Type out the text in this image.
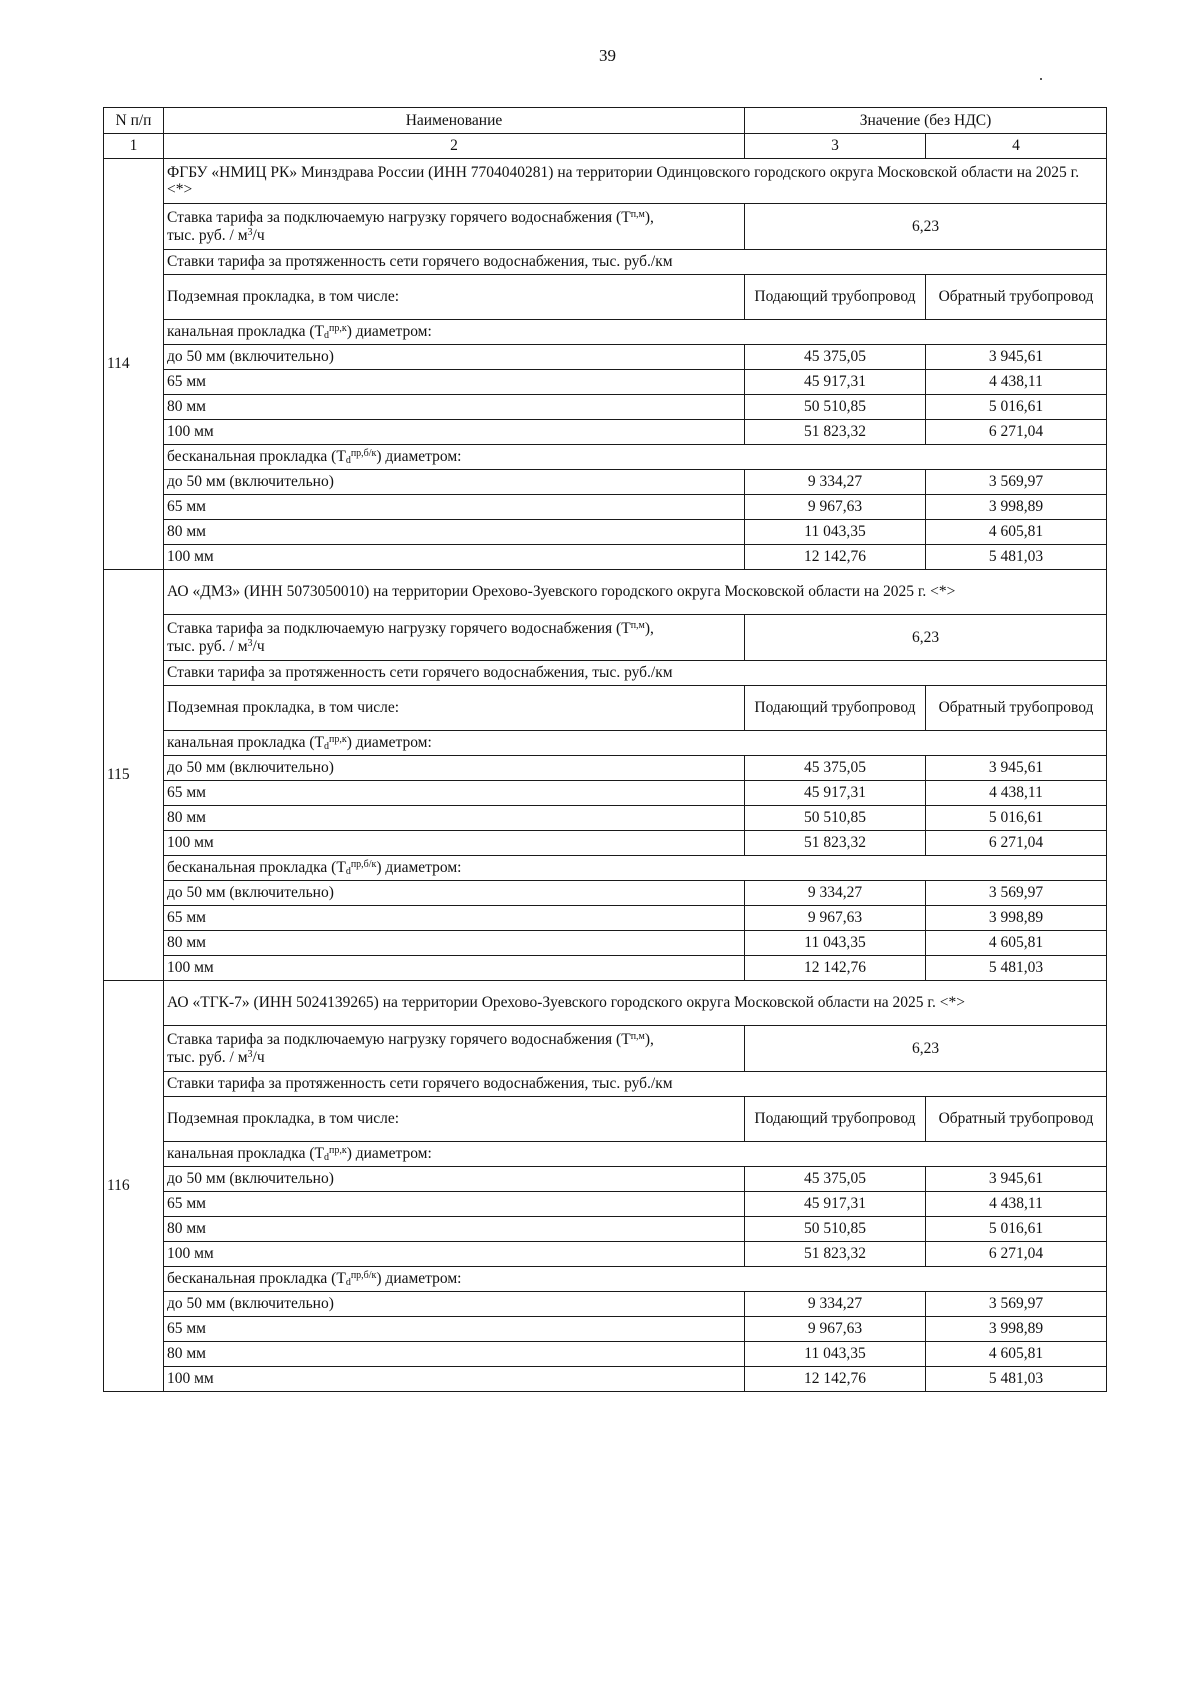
39
N п/п	Наименование	Значение (без НДС)	
1	2	3	4
114	ФГБУ «НМИЦ РК» Минздрава России (ИНН 7704040281) на территории Одинцовского городского округа Московской области на 2025 г. <*>		
	Ставка тарифа за подключаемую нагрузку горячего водоснабжения $(T^{п,м})$,
тыс. руб. / $м^3/ч$	6,23	
	Ставки тарифа за протяженность сети горячего водоснабжения, тыс. руб./км		
	Подземная прокладка, в том числе:	Подающий трубопровод	Обратный трубопровод
	канальная прокладка $(T_d^{пр,к})$ диаметром:		
	до 50 мм (включительно)	45 375,05	3 945,61
	65 мм	45 917,31	4 438,11
	80 мм	50 510,85	5 016,61
	100 мм	51 823,32	6 271,04
	бесканальная прокладка $(T_d^{пр,б/к})$ диаметром:		
	до 50 мм (включительно)	9 334,27	3 569,97
	65 мм	9 967,63	3 998,89
	80 мм	11 043,35	4 605,81
	100 мм	12 142,76	5 481,03
115	АО «ДМЗ» (ИНН 5073050010) на территории Орехово-Зуевского городского округа Московской области на 2025 г. <*>		
	Ставка тарифа за подключаемую нагрузку горячего водоснабжения $(T^{п,м})$,
тыс. руб. / $м^3/ч$	6,23	
	Ставки тарифа за протяженность сети горячего водоснабжения, тыс. руб./км		
	Подземная прокладка, в том числе:	Подающий трубопровод	Обратный трубопровод
	канальная прокладка $(T_d^{пр,к})$ диаметром:		
	до 50 мм (включительно)	45 375,05	3 945,61
	65 мм	45 917,31	4 438,11
	80 мм	50 510,85	5 016,61
	100 мм	51 823,32	6 271,04
	бесканальная прокладка $(T_d^{пр,б/к})$ диаметром:		
	до 50 мм (включительно)	9 334,27	3 569,97
	65 мм	9 967,63	3 998,89
	80 мм	11 043,35	4 605,81
	100 мм	12 142,76	5 481,03
116	АО «ТГК-7» (ИНН 5024139265) на территории Орехово-Зуевского городского округа Московской области на 2025 г. <*>		
	Ставка тарифа за подключаемую нагрузку горячего водоснабжения $(T^{п,м})$,
тыс. руб. / $м^3/ч$	6,23	
	Ставки тарифа за протяженность сети горячего водоснабжения, тыс. руб./км		
	Подземная прокладка, в том числе:	Подающий трубопровод	Обратный трубопровод
	канальная прокладка $(T_d^{пр,к})$ диаметром:		
	до 50 мм (включительно)	45 375,05	3 945,61
	65 мм	45 917,31	4 438,11
	80 мм	50 510,85	5 016,61
	100 мм	51 823,32	6 271,04
	бесканальная прокладка $(T_d^{пр,б/к})$ диаметром:		
	до 50 мм (включительно)	9 334,27	3 569,97
	65 мм	9 967,63	3 998,89
	80 мм	11 043,35	4 605,81
	100 мм	12 142,76	5 481,03
